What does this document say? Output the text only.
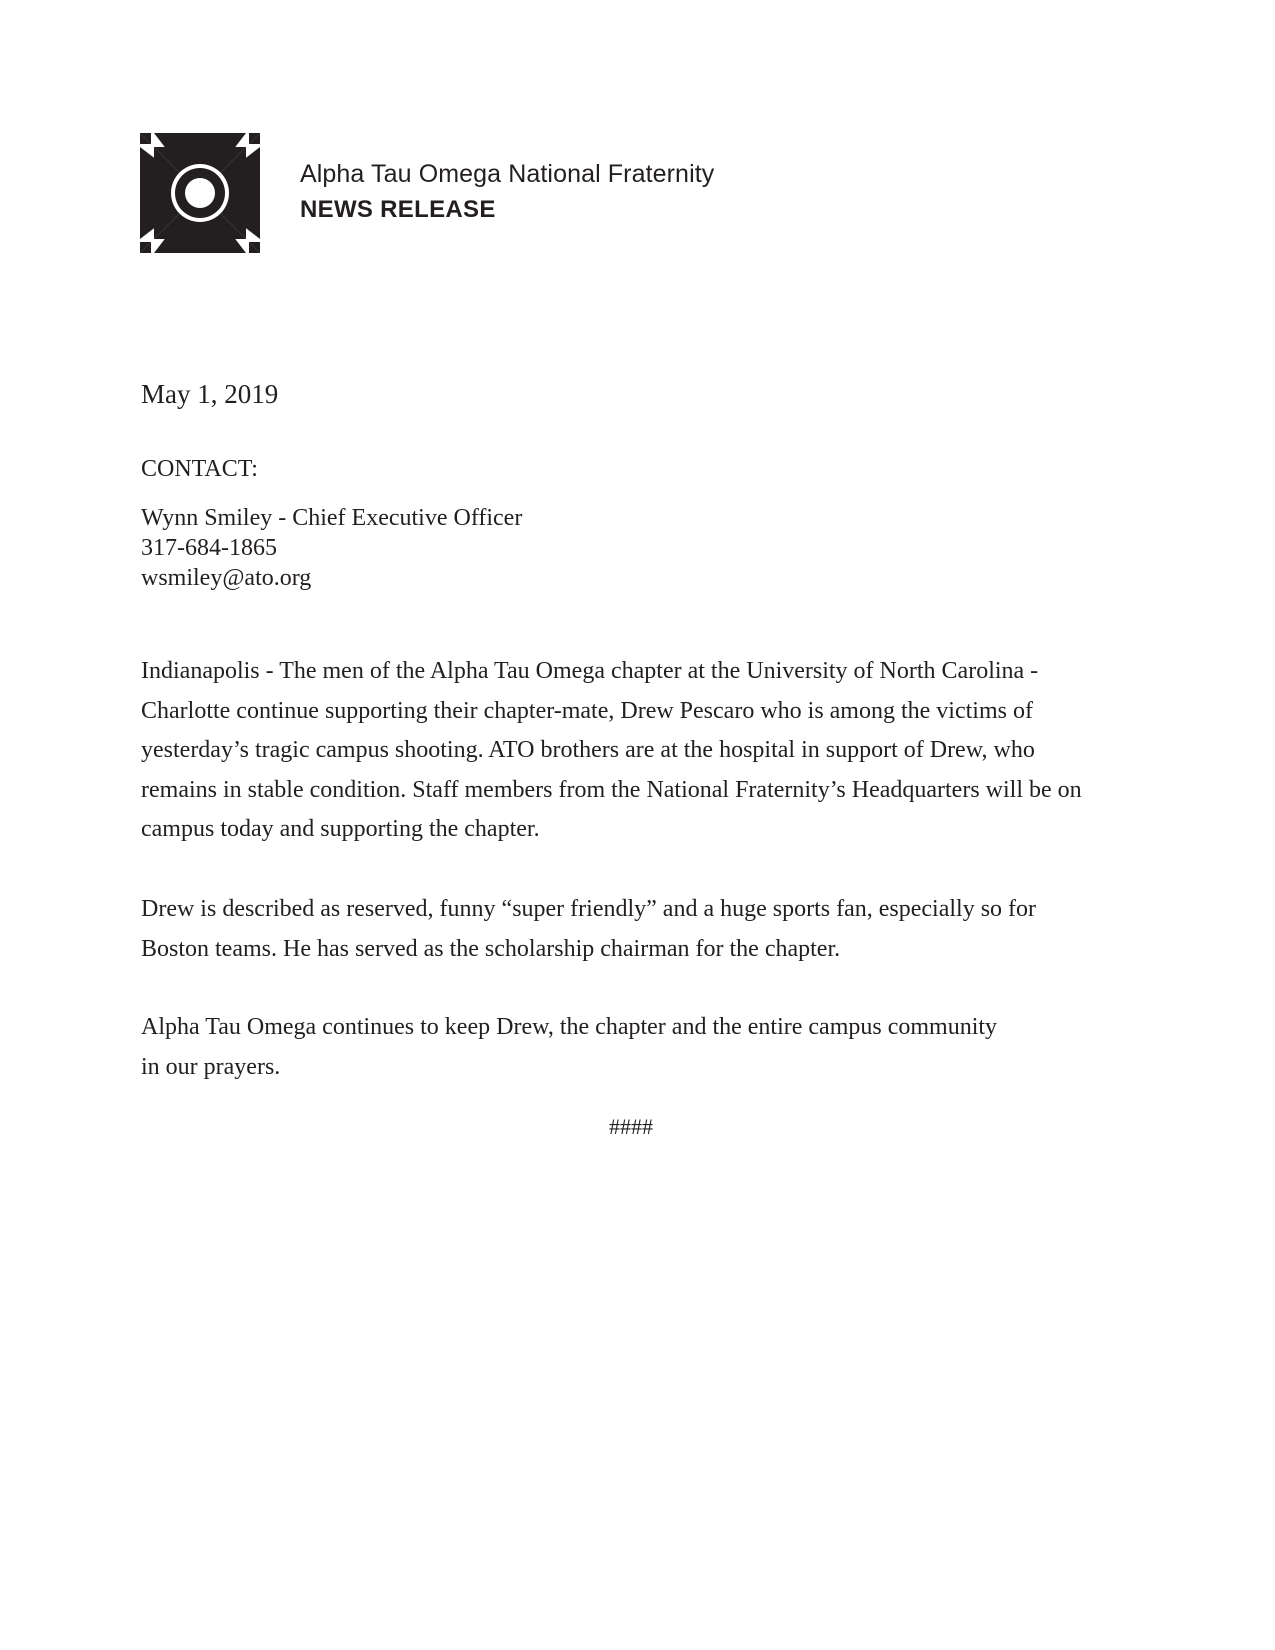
Alpha Tau Omega National Fraternity
NEWS RELEASE
May 1, 2019
CONTACT:
Wynn Smiley - Chief Executive Officer
317-684-1865
wsmiley@ato.org
Indianapolis - The men of the Alpha Tau Omega chapter at the University of North Carolina -
Charlotte continue supporting their chapter-mate, Drew Pescaro who is among the victims of
yesterday’s tragic campus shooting. ATO brothers are at the hospital in support of Drew, who
remains in stable condition. Staff members from the National Fraternity’s Headquarters will be on
campus today and supporting the chapter.
Drew is described as reserved, funny “super friendly” and a huge sports fan, especially so for
Boston teams. He has served as the scholarship chairman for the chapter.
Alpha Tau Omega continues to keep Drew, the chapter and the entire campus community
in our prayers.
####
